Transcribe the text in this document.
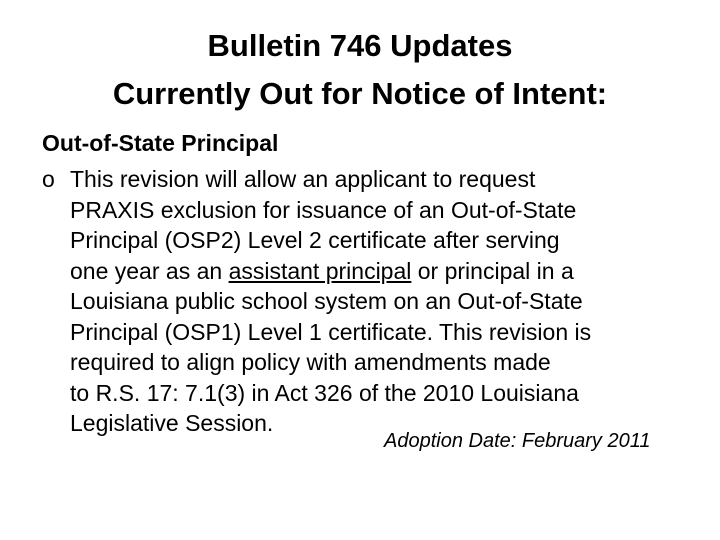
Bulletin 746 Updates
Currently Out for Notice of Intent:
Out-of-State Principal
o This revision will allow an applicant to request
PRAXIS exclusion for issuance of an Out-of-State
Principal (OSP2) Level 2 certificate after serving
one year as an assistant principal or principal in a
Louisiana public school system on an Out-of-State
Principal (OSP1) Level 1 certificate. This revision is
required to align policy with amendments made
to R.S. 17: 7.1(3) in Act 326 of the 2010 Louisiana
Legislative Session.
Adoption Date: February 2011
